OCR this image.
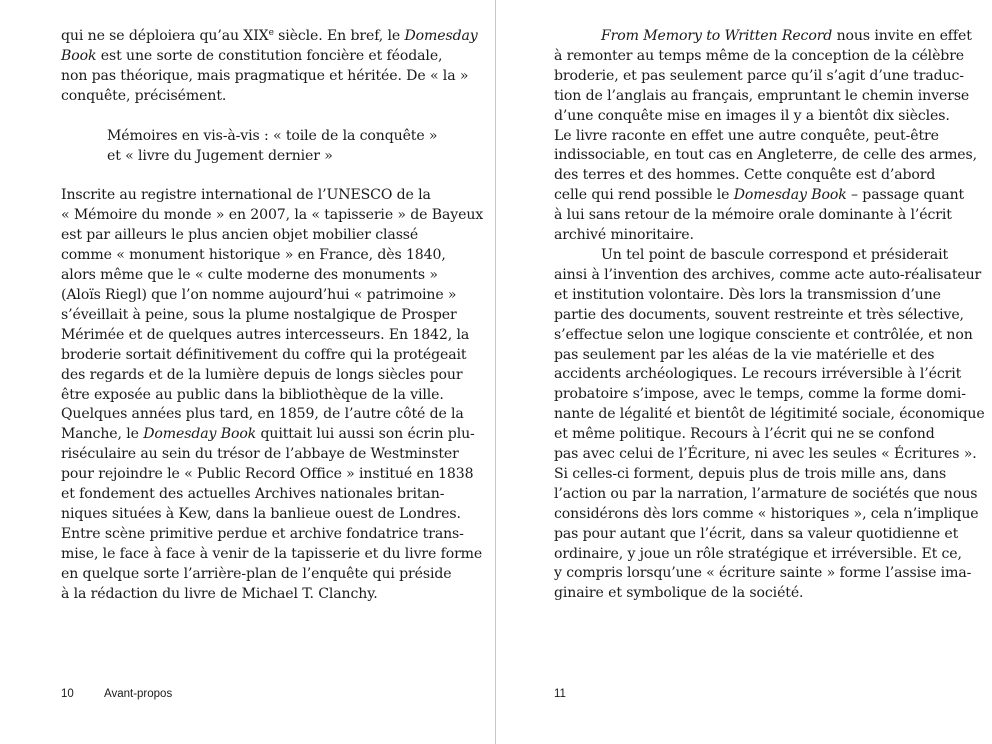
qui ne se déploiera qu’au XIXe siècle. En bref, le Domesday
Book est une sorte de constitution foncière et féodale,
non pas théorique, mais pragmatique et héritée. De « la »
conquête, précisément.
Mémoires en vis-à-vis : « toile de la conquête »
et « livre du Jugement dernier »
Inscrite au registre international de l’UNESCO de la
« Mémoire du monde » en 2007, la « tapisserie » de Bayeux
est par ailleurs le plus ancien objet mobilier classé
comme « monument historique » en France, dès 1840,
alors même que le « culte moderne des monuments »
(Aloïs Riegl) que l’on nomme aujourd’hui « patrimoine »
s’éveillait à peine, sous la plume nostalgique de Prosper
Mérimée et de quelques autres intercesseurs. En 1842, la
broderie sortait définitivement du coffre qui la protégeait
des regards et de la lumière depuis de longs siècles pour
être exposée au public dans la bibliothèque de la ville.
Quelques années plus tard, en 1859, de l’autre côté de la
Manche, le Domesday Book quittait lui aussi son écrin plu-
riséculaire au sein du trésor de l’abbaye de Westminster
pour rejoindre le « Public Record Office » institué en 1838
et fondement des actuelles Archives nationales britan-
niques situées à Kew, dans la banlieue ouest de Londres.
Entre scène primitive perdue et archive fondatrice trans-
mise, le face à face à venir de la tapisserie et du livre forme
en quelque sorte l’arrière-plan de l’enquête qui préside
à la rédaction du livre de Michael T. Clanchy.
10	Avant-propos
From Memory to Written Record nous invite en effet
à remonter au temps même de la conception de la célèbre
broderie, et pas seulement parce qu’il s’agit d’une traduc-
tion de l’anglais au français, empruntant le chemin inverse
d’une conquête mise en images il y a bientôt dix siècles.
Le livre raconte en effet une autre conquête, peut-être
indissociable, en tout cas en Angleterre, de celle des armes,
des terres et des hommes. Cette conquête est d’abord
celle qui rend possible le Domesday Book – passage quant
à lui sans retour de la mémoire orale dominante à l’écrit
archivé minoritaire.
Un tel point de bascule correspond et présiderait
ainsi à l’invention des archives, comme acte auto-réalisateur
et institution volontaire. Dès lors la transmission d’une
partie des documents, souvent restreinte et très sélective,
s’effectue selon une logique consciente et contrôlée, et non
pas seulement par les aléas de la vie matérielle et des
accidents archéologiques. Le recours irréversible à l’écrit
probatoire s’impose, avec le temps, comme la forme domi-
nante de légalité et bientôt de légitimité sociale, économique
et même politique. Recours à l’écrit qui ne se confond
pas avec celui de l’Écriture, ni avec les seules « Écritures ».
Si celles-ci forment, depuis plus de trois mille ans, dans
l’action ou par la narration, l’armature de sociétés que nous
considérons dès lors comme « historiques », cela n’implique
pas pour autant que l’écrit, dans sa valeur quotidienne et
ordinaire, y joue un rôle stratégique et irréversible. Et ce,
y compris lorsqu’une « écriture sainte » forme l’assise ima-
ginaire et symbolique de la société.
11
